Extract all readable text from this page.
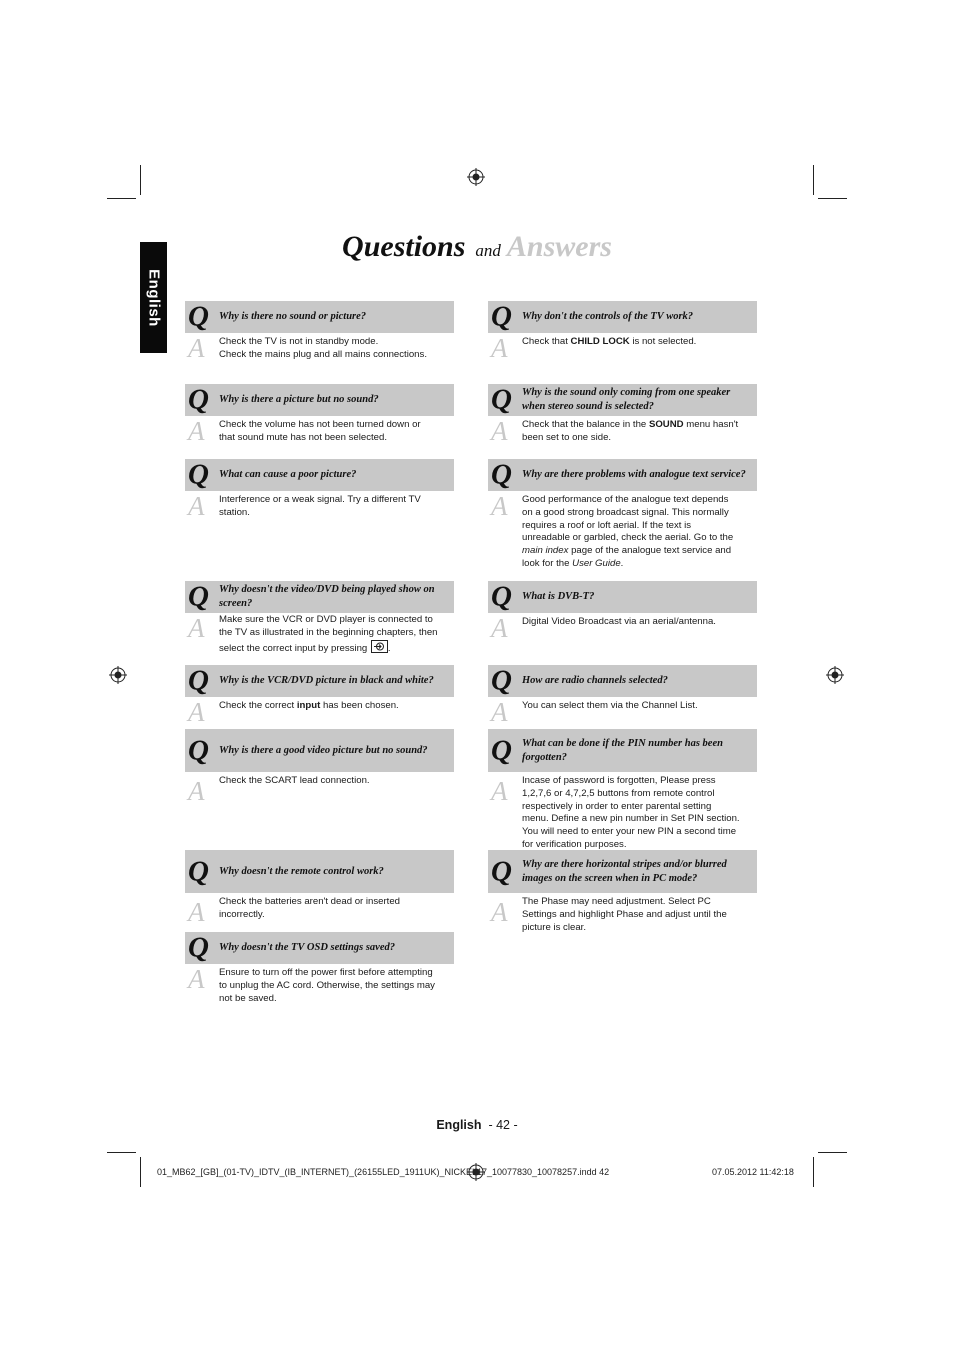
Questions and Answers
English Q Why is there no sound or picture?
A Check the TV is not in standby mode.
Check the mains plug and all mains connections.
Q Why is there a picture but no sound?
A Check the volume has not been turned down or
that sound mute has not been selected.
Q What can cause a poor picture?
A Interference or a weak signal. Try a different TV
station.
Q Why doesn't the video/DVD being played show on screen?
A Make sure the VCR or DVD player is connected to
the TV as illustrated in the beginning chapters, then
select the correct input by pressing .
Q Why is the VCR/DVD picture in black and white?
A Check the correct input has been chosen.
Q Why is there a good video picture but no sound?
A Check the SCART lead connection.
Q Why doesn't the remote control work?
A Check the batteries aren't dead or inserted
incorrectly.
Q Why doesn't the TV OSD settings saved?
A Ensure to turn off the power first before attempting
to unplug the AC cord. Otherwise, the settings may
not be saved.
Q Why don't the controls of the TV work?
A Check that CHILD LOCK is not selected.
Q Why is the sound only coming from one speaker when stereo sound is selected?
A Check that the balance in the SOUND menu hasn't
been set to one side.
Q Why are there problems with analogue text service?
A Good performance of the analogue text depends
on a good strong broadcast signal. This normally
requires a roof or loft aerial. If the text is
unreadable or garbled, check the aerial. Go to the
main index page of the analogue text service and
look for the User Guide.
Q What is DVB-T?
A Digital Video Broadcast via an aerial/antenna.
Q How are radio channels selected?
A You can select them via the Channel List.
Q What can be done if the PIN number has been forgotten?
A Incase of password is forgotten, Please press
1,2,7,6 or 4,7,2,5 buttons from remote control
respectively in order to enter parental setting
menu. Define a new pin number in Set PIN section.
You will need to enter your new PIN a second time
for verification purposes.
Q Why are there horizontal stripes and/or blurred images on the screen when in PC mode?
A The Phase may need adjustment. Select PC
Settings and highlight Phase and adjust until the
picture is clear.
English - 42 -
01_MB62_[GB]_(01-TV)_IDTV_(IB_INTERNET)_(26155LED_1911UK)_NICKEL17_10077830_10078257.indd 42	07.05.2012 11:42:18
